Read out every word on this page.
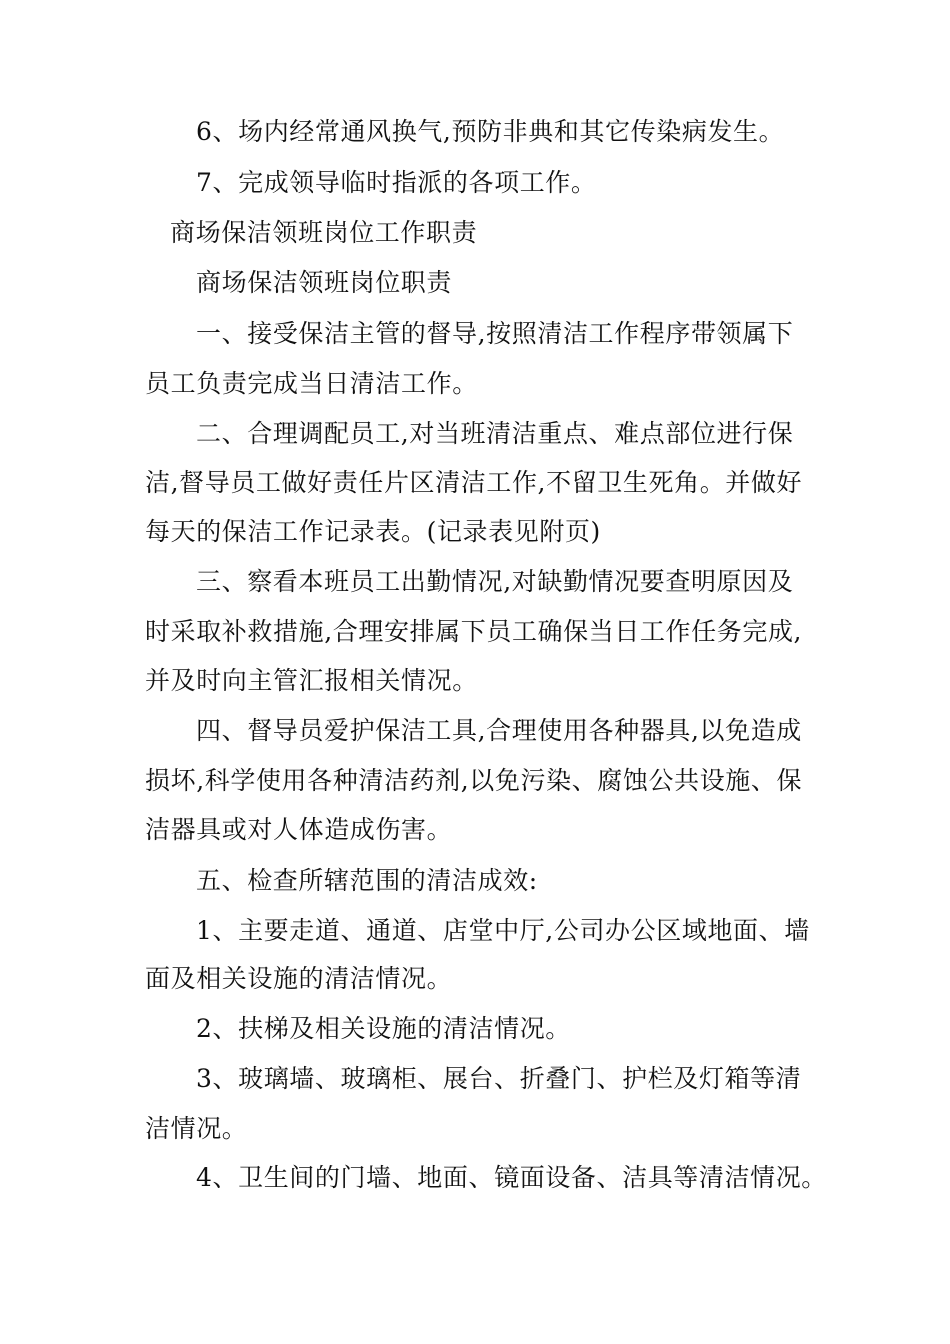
6、场内经常通风换气,预防非典和其它传染病发生。
7、完成领导临时指派的各项工作。
商场保洁领班岗位工作职责
商场保洁领班岗位职责
一、接受保洁主管的督导,按照清洁工作程序带领属下
员工负责完成当日清洁工作。
二、合理调配员工,对当班清洁重点、难点部位进行保
洁,督导员工做好责任片区清洁工作,不留卫生死角。并做好
每天的保洁工作记录表。(记录表见附页)
三、察看本班员工出勤情况,对缺勤情况要查明原因及
时采取补救措施,合理安排属下员工确保当日工作任务完成,
并及时向主管汇报相关情况。
四、督导员爱护保洁工具,合理使用各种器具,以免造成
损坏,科学使用各种清洁药剂,以免污染、腐蚀公共设施、保
洁器具或对人体造成伤害。
五、检查所辖范围的清洁成效:
1、主要走道、通道、店堂中厅,公司办公区域地面、墙
面及相关设施的清洁情况。
2、扶梯及相关设施的清洁情况。
3、玻璃墙、玻璃柜、展台、折叠门、护栏及灯箱等清
洁情况。
4、卫生间的门墙、地面、镜面设备、洁具等清洁情况。
